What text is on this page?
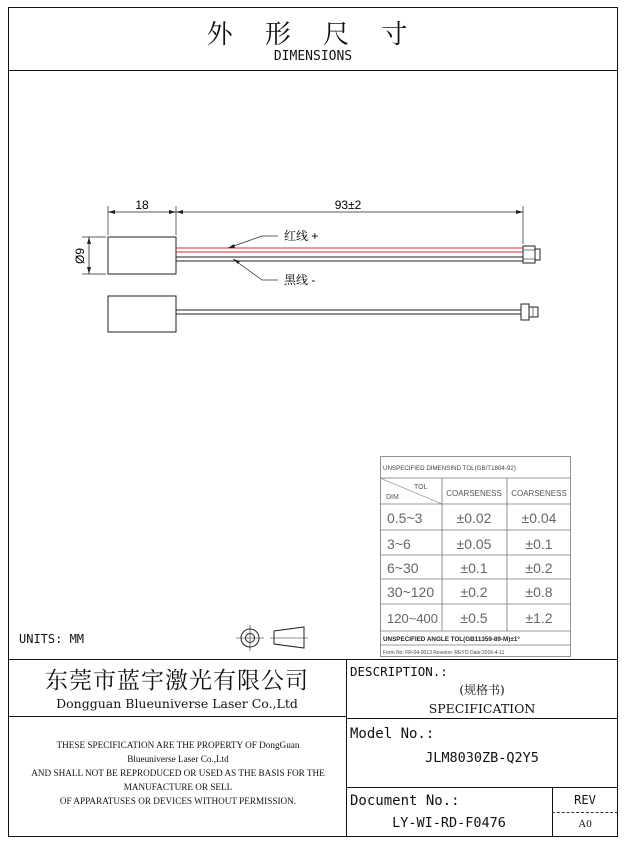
外 形 尺 寸
DIMENSIONS
18	93±2
Ø9
红线 +
黑线 -
UNSPECIFIED DIMENSIND TOL(GB/T1804-92)
TOL
DIM	COARSENESS COARSENESS
0.5~3 ±0.02 ±0.04
3~6	±0.05 ±0.1
6~30	±0.1	±0.2
30~120 ±0.2	±0.8
120~400 ±0.5	±1.2
UNSPECIFIED ANGLE TOL(GB11359-89-M)±1°
Form No: FR-04-0013 Revelon: REYO Date:2016-4-11
UNITS: MM
东莞市蓝宇激光有限公司
Dongguan Blueuniverse Laser Co.,Ltd
THESE SPECIFICATION ARE THE PROPERTY OF DongGuan
Blueuniverse Laser Co.,Ltd
AND SHALL NOT BE REPRODUCED OR USED AS THE BASIS FOR THE
MANUFACTURE OR SELL
OF APPARATUSES OR DEVICES WITHOUT PERMISSION.
DESCRIPTION.:
(规格书)
SPECIFICATION
Model No.:
JLM8030ZB-Q2Y5
Document No.:
LY-WI-RD-F0476
REV
A0
